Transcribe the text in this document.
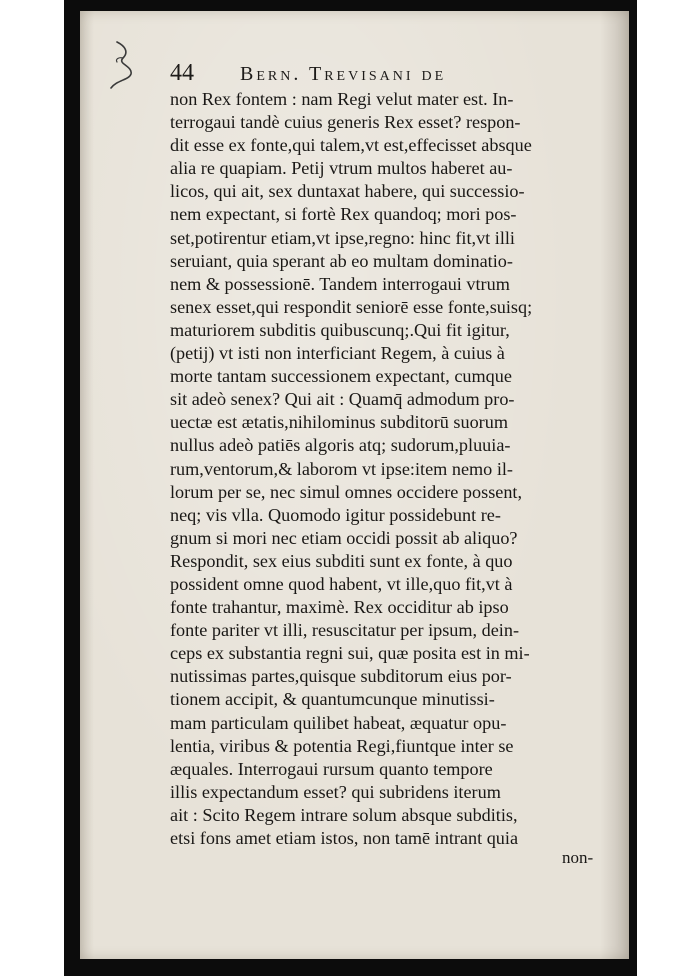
44 Bern. Trevisani de
non Rex fontem : nam Regi velut mater est. In-
terrogaui tandè cuius generis Rex esset? respon-
dit esse ex fonte,qui talem,vt est,effecisset absque
alia re quapiam. Petij vtrum multos haberet au-
licos, qui ait, sex duntaxat habere, qui successio-
nem expectant, si fortè Rex quandoq; mori pos-
set,potirentur etiam,vt ipse,regno: hinc fit,vt illi
seruiant, quia sperant ab eo multam dominatio-
nem & possessionē. Tandem interrogaui vtrum
senex esset,qui respondit seniorē esse fonte,suisq;
maturiorem subditis quibuscunq;.Qui fit igitur,
(petij) vt isti non interficiant Regem, à cuius à
morte tantam successionem expectant, cumque
sit adeò senex? Qui ait : Quamq̄ admodum pro-
uectæ est ætatis,nihilominus subditorū suorum
nullus adeò patiēs algoris atq; sudorum,pluuia-
rum,ventorum,& laborom vt ipse:item nemo il-
lorum per se, nec simul omnes occidere possent,
neq; vis vlla. Quomodo igitur possidebunt re-
gnum si mori nec etiam occidi possit ab aliquo?
Respondit, sex eius subditi sunt ex fonte, à quo
possident omne quod habent, vt ille,quo fit,vt à
fonte trahantur, maximè. Rex occiditur ab ipso
fonte pariter vt illi, resuscitatur per ipsum, dein-
ceps ex substantia regni sui, quæ posita est in mi-
nutissimas partes,quisque subditorum eius por-
tionem accipit, & quantumcunque minutissi-
mam particulam quilibet habeat, æquatur opu-
lentia, viribus & potentia Regi,fiuntque inter se
æquales. Interrogaui rursum quanto tempore
illis expectandum esset? qui subridens iterum
ait : Scito Regem intrare solum absque subditis,
etsi fons amet etiam istos, non tamē intrant quia
non-
